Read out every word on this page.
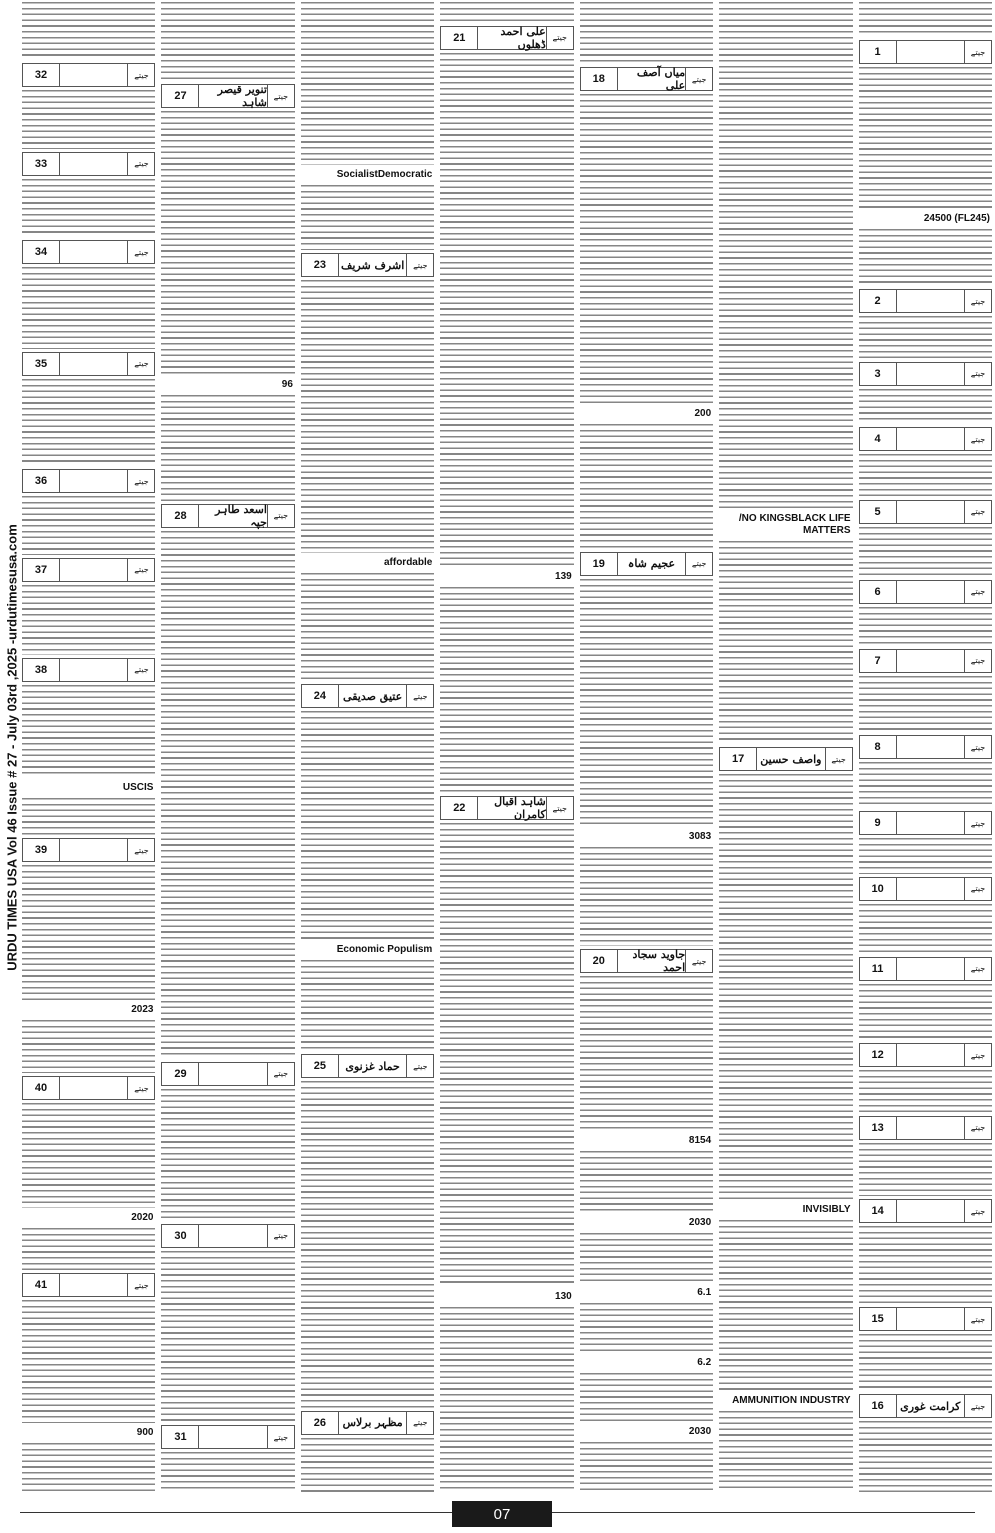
URDU TIMES USA Vol 46 Issue # 27 - July 03rd ,2025 -urdutimesusa.com
جیتے
1
24500 (FL245)
جیتے
2
جیتے
3
جیتے
4
جیتے
5
جیتے
6
جیتے
7
جیتے
8
جیتے
9
جیتے
10
جیتے
11
جیتے
12
جیتے
13
جیتے
14
جیتے
15
جیتے
کرامت غوری
16
/NO KINGSBLACK LIFE MATTERS
جیتے
واصف حسین
17
INVISIBLY
AMMUNITION INDUSTRY
جیتے
میاں آصف علی
18
200
جیتے
عجیم شاہ
19
3083
جیتے
جاوید سجاد احمد
20
8154
2030
6.1
6.2
2030
جیتے
علی احمد ڈھلوں
21
139
جیتے
شاہد اقبال کامران
22
130
SocialistDemocratic
جیتے
اشرف شریف
23
affordable
جیتے
عتیق صدیقی
24
Economic Populism
جیتے
حماد غزنوی
25
جیتے
مظہر برلاس
26
جیتے
تنویر قیصر شاہد
27
96
جیتے
اسعد طاہر جپہ
28
جیتے
29
جیتے
30
جیتے
31
جیتے
32
جیتے
33
جیتے
34
جیتے
35
جیتے
36
جیتے
37
جیتے
38
USCIS
جیتے
39
2023
جیتے
40
2020
جیتے
41
900
07
